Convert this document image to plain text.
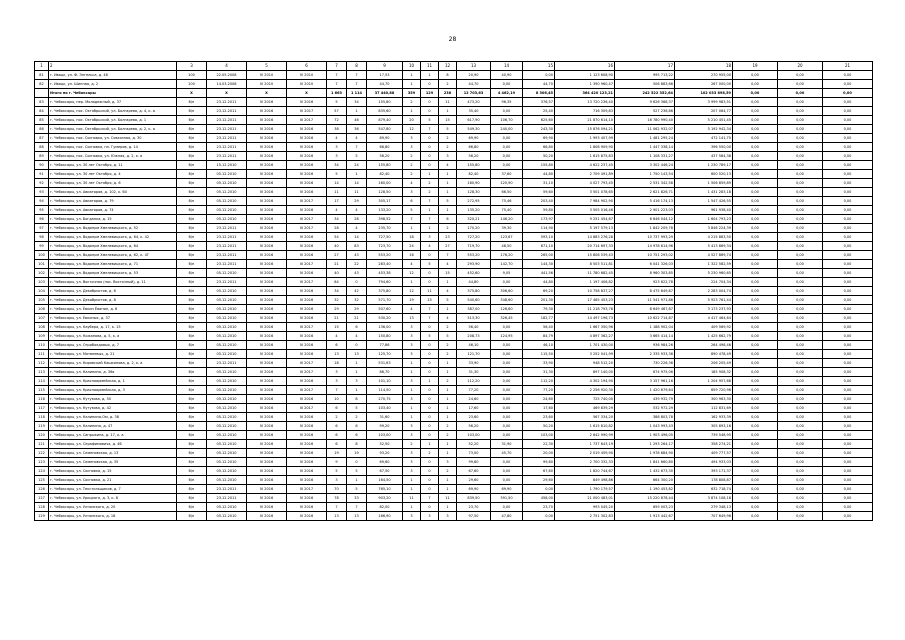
28
1	2	3	4	5	6	7	8	9	10	11	12	13	14	15	16	17	18	19	20	21
81	г. Ивацк, ул. Ф. Энгельса, д. 46	100	22.05.2008	IV 2010	IV 2010	7	7	17,53	1	1	8	20,90	40,90	0,00	1 123 608,90	995 713,22	270 955,00	0,00	0,00	0,00
82	г. Ивацк, ул. Шинная, д. 2	100	14.03.2008	IV 2010	IV 2010	7	7	44,70	1	0	2	44,70	0,00	44,70	1 390 960,47	506 883,66	267 000,00	0,00	0,00	0,00
	Итого по г. Чебоксары	X	X	X	X	1 663	1 114	37 440,88	359	129	238	12 703,63	4 462,19	8 306,45	364 420 123,21	242 522 352,64	102 033 898,59	0,00	0,00	0,00
83	г. Чебоксары, пер. Молодежный, д. 37	б/н	23.12.2011	IV 2016	IV 2016	5	34	155,80	2	0	11	473,20	96,35	376,57	13 720 236,40	9 626 368,37	3 999 983,51	0,00	0,00	0,00
84	г. Чебоксары, пос. Октябрьский, ул. Болгарева, д. 4, к. а	б/н	23.12.2011	IV 2016	IV 2017	57	1	835,60	1	0	1	35,40	0,00	25,40	716 309,83	527 236,86	207 064,77	0,00	0,00	0,00
85	г. Чебоксары, пос. Октябрьский, ул. Болгарева, д. 1	б/н	23.12.2011	IV 2016	III 2017	72	46	879,40	20	5	15	617,90	106,70	625,60	21 870 614,10	16 780 990,40	5 210 451,45	0,00	0,00	0,00
86	г. Чебоксары, пос. Октябрьский, ул. Болгарева, д. 2, к. а	б/н	23.12.2011	IV 2016	IV 2016	38	36	547,80	12	7	5	549,30	240,00	243,30	15 876 094,21	11 062 932,07	5 192 942,34	0,00	0,00	0,00
87	г. Чебоксары, пос. Сосновка, ул. Совхозная, д. 30	б/н	23.12.2011	IV 2016	IV 2016	4	4	89,90	3	0	2	69,90	0,00	69,90	1 993 407,99	1 481 295,24	472 141,75	0,00	0,00	0,00
88	г. Чебоксары, пос. Сосновка, пл. Гумеров, д. 14	б/н	23.12.2011	IV 2016	IV 2016	3	7	66,80	3	0	2	66,80	0,00	66,80	1 808 909,90	1 447 338,14	396 550,00	0,00	0,00	0,00
89	г. Чебоксары, пос. Сосновка, ул. Южная, д. 2, к. а	б/н	23.12.2011	IV 2016	IV 2016	3	5	56,20	2	0	3	56,20	0,00	50,20	1 615 875,83	1 108 331,27	437 584,38	0,00	0,00	0,00
90	г. Чебоксары, ул. 30 лет Октября, д. 11	б/н	15.12.2010	IV 2016	IV 2016	34	24	155,80	2	0	4	155,80	0,00	155,80	4 622 237,45	3 302 446,24	1 230 789,17	0,00	0,00	0,00
91	г. Чебоксары, ул. 30 лет Октября, д. 4	б/н	05.12.2010	IV 2016	IV 2016	5	1	82,40	2	1	1	82,40	37,60	44,80	2 709 491,89	1 750 143,54	600 520,13	0,00	0,00	0,00
92	г. Чебоксары, ул. 30 лет Октября, д. 6	б/н	05.12.2010	IV 2016	IV 2016	14	14	160,00	4	2	1	160,90	120,90	31,10	4 027 793,45	2 531 342,58	1 506 859,89	0,00	0,00	0,00
93	г. Чебоксары, ул. Авиаторов, д. 102, к. б4	б/н	05.12.2010	IV 2016	IV 2016	11	11	128,50	3	2	1	128,30	66,50	59,60	3 501 078,65	2 621 826,71	1 431 283,18	0,00	0,00	0,00
94	г. Чебоксары, ул. Авиаторов, д. 79	б/н	05.12.2010	IV 2016	III 2017	17	29	305,17	6	7	5	272,95	75,46	203,40	7 984 902,90	5 416 174,13	1 547 426,55	0,00	0,00	0,00
95	г. Чебоксары, ул. Авиаторов, д. 74	б/н	05.12.2010	IV 2016	IV 2016	4	4	133,20	5	1	1	135,20	75,40	59,80	3 505 016,46	2 901 223,03	961 938,40	0,00	0,00	0,00
96	г. Чебоксары, ул. Богданка, д. 15	б/н	05.12.2010	IV 2016	III 2017	34	28	398,52	7	7	6	320,21	146,20	173,97	9 251 454,67	6 646 044,12	1 604 793,23	0,00	0,00	0,00
97	г. Чебоксары, ул. Водопрм Хмелевицкого, д. 52	б/н	23.12.2011	IV 2016	III 2017	28	4	235,70	1	1	2	170,20	39,30	114,90	5 197 579,13	1 842 209,78	3 846 224,39	0,00	0,00	0,00
98	г. Чебоксары, ул. Водопрм Хмелевицкого, д. 64, к. 42	б/н	23.12.2011	IV 2016	IV 2016	54	14	727,50	18	3	23	727,20	123,67	593,10	14 883 276,28	10 737 993,29	4 215 883,50	0,00	0,00	0,00
99	г. Чебоксары, ул. Водопрм Хмелевицкого, д. 64	б/н	23.12.2011	IV 2016	IV 2016	40	83	723,70	24	4	27	719,70	48,50	671,10	20 714 697,33	14 978 614,96	5 413 869,34	0,00	0,00	0,00
100	г. Чебоксары, ул. Водопрм Хмелевицкого, д. 62, к. 4Г	б/н	23.12.2011	IV 2016	IV 2016	27	43	553,20	16	0	7	553,20	176,20	265,00	15 808 539,43	10 751 293,02	4 527 869,74	0,00	0,00	0,00
101	г. Чебоксары, ул. Водопрм Хмелевицкого, д. 71	б/н	23.12.2011	IV 2016	III 2017	21	22	283,40	4	5	4	293,90	142,70	144,30	8 503 511,81	6 041 326,03	1 322 582,59	0,00	0,00	0,00
102	г. Чебоксары, ул. Водопрм Хмелевицкого, д. 53	б/н	05.12.2010	IV 2016	IV 2016	40	43	453,38	12	0	15	452,60	9,05	441,56	11 780 682,45	8 960 303,85	5 230 960,65	0,00	0,00	0,00
103	г. Чебоксары, ул. Восточная (пос. Восточный), д. 11	б/н	23.12.2011	IV 2016	III 2017	64	0	794,60	1	0	1	44,80	0,00	44,80	1 197 406,82	923 622,78	224 704,34	0,00	0,00	0,00
104	г. Чебоксары, ул. Декабристов, д. 6	б/н	05.12.2010	IV 2016	IV 2016	34	42	375,80	12	11	4	375,80	306,60	69,20	10 758 837,27	8 475 849,87	2 283 004,74	0,00	0,00	0,00
105	г. Чебоксары, ул. Декабристов, д. 8	б/н	05.12.2010	IV 2016	IV 2016	32	32	571,70	19	15	5	540,60	348,60	201,30	17 465 453,23	11 541 971,86	5 923 761,44	0,00	0,00	0,00
106	г. Чебоксары, ул. Ёвкин Ёванин, д. 6	б/н	05.12.2010	IV 2016	IV 2016	29	29	507,60	4	7	1	387,00	126,60	79,30	11 218 793,78	8 649 467,87	3 173 237,93	0,00	0,00	0,00
107	г. Чебоксары, ул. Ёвкиных, д. 37	б/н	05.12.2010	IV 2016	IV 2016	21	21	530,20	13	7	4	513,30	326,45	182,77	14 497 196,73	10 622 714,87	4 417 464,64	0,00	0,00	0,00
108	г. Чебоксары, ул. Каубера, д. 17, к. 15	б/н	05.12.2010	IV 2016	III 2017	15	6	136,00	3	0	2	56,40	0,00	56,40	1 667 350,96	1 188 902,04	409 569,92	0,00	0,00	0,00
109	г. Чебоксары, ул. Кожанова, д. 5, к. а	б/н	05.12.2010	IV 2016	IV 2016	4	4	150,80	3	5	5	208,73	124,95	84,79	4 897 362,27	3 665 414,14	1 425 662,79	0,00	0,00	0,00
110	г. Чебоксары, ул. Огрибоедовых, д. 7	б/н	05.12.2010	IV 2016	IV 2016	6	0	77,86	3	0	2	46,10	0,00	46,10	1 701 430,00	936 984,26	264 498,46	0,00	0,00	0,00
111	г. Чебоксары, ул. Матвеевых, д. 21	б/н	05.12.2010	IV 2016	IV 2016	13	13	125,70	3	0	2	121,70	0,00	115,50	3 252 041,99	2 335 933,36	890 478,49	0,00	0,00	0,00
112	г. Чебоксары, ул. Кировский Кашкинова, д. 2, к. а	б/н	23.12.2011	IV 2016	III 2017	18	1	531,63	1	0	1	33,90	0,00	33,90	948 512,20	730 226,36	206 205,49	0,00	0,00	0,00
113	г. Чебоксары, ул. Калинина, д. 36а	б/н	05.12.2010	IV 2016	III 2017	3	1	86,70	1	0	1	31,30	0,00	31,30	897 140,00	674 975,06	185 908,32	0,00	0,00	0,00
114	г. Чебоксары, ул. Красноармейская, д. 1	б/н	05.12.2010	IV 2016	IV 2016	3	3	101,10	3	1	2	112,20	0,00	112,20	4 302 194,90	3 157 961,16	1 204 957,68	0,00	0,00	0,00
115	г. Чебоксары, ул. Красноармейская, д. 3	б/н	05.12.2010	IV 2016	III 2017	7	1	114,50	1	0	1	77,20	0,00	77,20	2 256 920,30	1 420 879,64	659 720,96	0,00	0,00	0,00
116	г. Чебоксары, ул. Кутузова, д. 50	б/н	05.12.2010	IV 2016	IV 2016	10	8	270,75	3	0	1	24,60	0,00	24,60	725 740,00	439 932,79	300 963,30	0,00	0,00	0,00
117	г. Чебоксары, ул. Кутузова, д. 42	б/н	05.12.2010	IV 2016	III 2017	6	5	103,40	1	0	1	17,60	0,00	17,60	469 839,29	532 972,29	112 831,69	0,00	0,00	0,00
118	г. Чебоксары, ул. Калинина-Ом, д. 38	б/н	05.12.2010	IV 2016	IV 2016	2	2	31,60	1	0	1	23,60	0,00	23,60	567 334,20	388 803,78	162 933,39	0,00	0,00	0,00
119	г. Чебоксары, ул. Калинина, д. 47	б/н	05.12.2010	IV 2016	IV 2016	6	6	99,20	3	0	2	56,20	0,00	50,20	1 615 810,82	1 043 993,43	305 893,16	0,00	0,00	0,00
120	г. Чебоксары, ул. Сапрыкина, д. 17, к. а	б/н	05.12.2010	IV 2016	IV 2016	6	6	103,00	3	0	2	103,00	0,00	103,00	2 642 990,99	1 903 496,05	739 548,95	0,00	0,00	0,00
121	г. Чебоксары, ул. Серафимовича, д. 4б	б/н	05.12.2010	IV 2016	IV 2016	6	8	52,50	2	1	1	52,20	31,90	22,30	1 737 643,19	1 293 264,17	358 274,21	0,00	0,00	0,00
122	г. Чебоксары, ул. Семеновская, д. 13	б/н	05.12.2010	IV 2016	IV 2016	19	19	93,20	3	2	1	73,00	45,70	20,00	2 019 459,90	1 978 684,90	409 777,57	0,00	0,00	0,00
123	г. Чебоксары, ул. Семеновская, д. 35	б/н	05.12.2010	IV 2016	IV 2016	9	0	69,60	3	0	3	99,60	0,00	99,60	2 700 332,33	1 841 660,80	494 933,03	0,00	0,00	0,00
124	г. Чебоксары, ул. Сосновка, д. 15	б/н	05.12.2010	IV 2016	IV 2016	5	5	67,50	3	0	2	67,60	0,00	67,60	1 820 744,67	1 432 673,30	393 171,37	0,00	0,00	0,00
125	г. Чебоксары, ул. Сосновка, д. 21	б/н	05.12.2010	IV 2016	IV 2016	3	1	164,50	1	0	1	29,60	0,00	29,60	849 498,86	664 300,20	178 808,87	0,00	0,00	0,00
126	г. Чебоксары, ул. Текстильщиков, д. 7	б/н	23.12.2011	IV 2016	III 2017	70	5	765,10	1	0	1	69,90	69,90	0,00	1 790 179,57	1 190 453,82	632 718,74	0,00	0,00	0,00
127	г. Чебоксары, ул. Урицкого, д. 3, к. 8	б/н	23.12.2011	IV 2016	IV 2016	78	33	903,20	11	7	11	839,50	391,50	458,00	21 000 483,01	15 220 878,44	3 874 108,18	0,00	0,00	0,00
128	г. Чебоксары, ул. Ухтомского, д. 20	б/н	05.12.2010	IV 2016	IV 2016	7	7	82,00	1	0	1	23,70	0,00	23,70	993 045,20	659 003,23	279 348,13	0,00	0,00	0,00
129	г. Чебоксары, ул. Ухтомского, д. 18	б/н	05.12.2010	IV 2016	IV 2016	13	13	166,90	3	3	3	97,50	47,80	0,00	2 751 302,83	1 913 442,67	707 649,96	0,00	0,00	0,00
